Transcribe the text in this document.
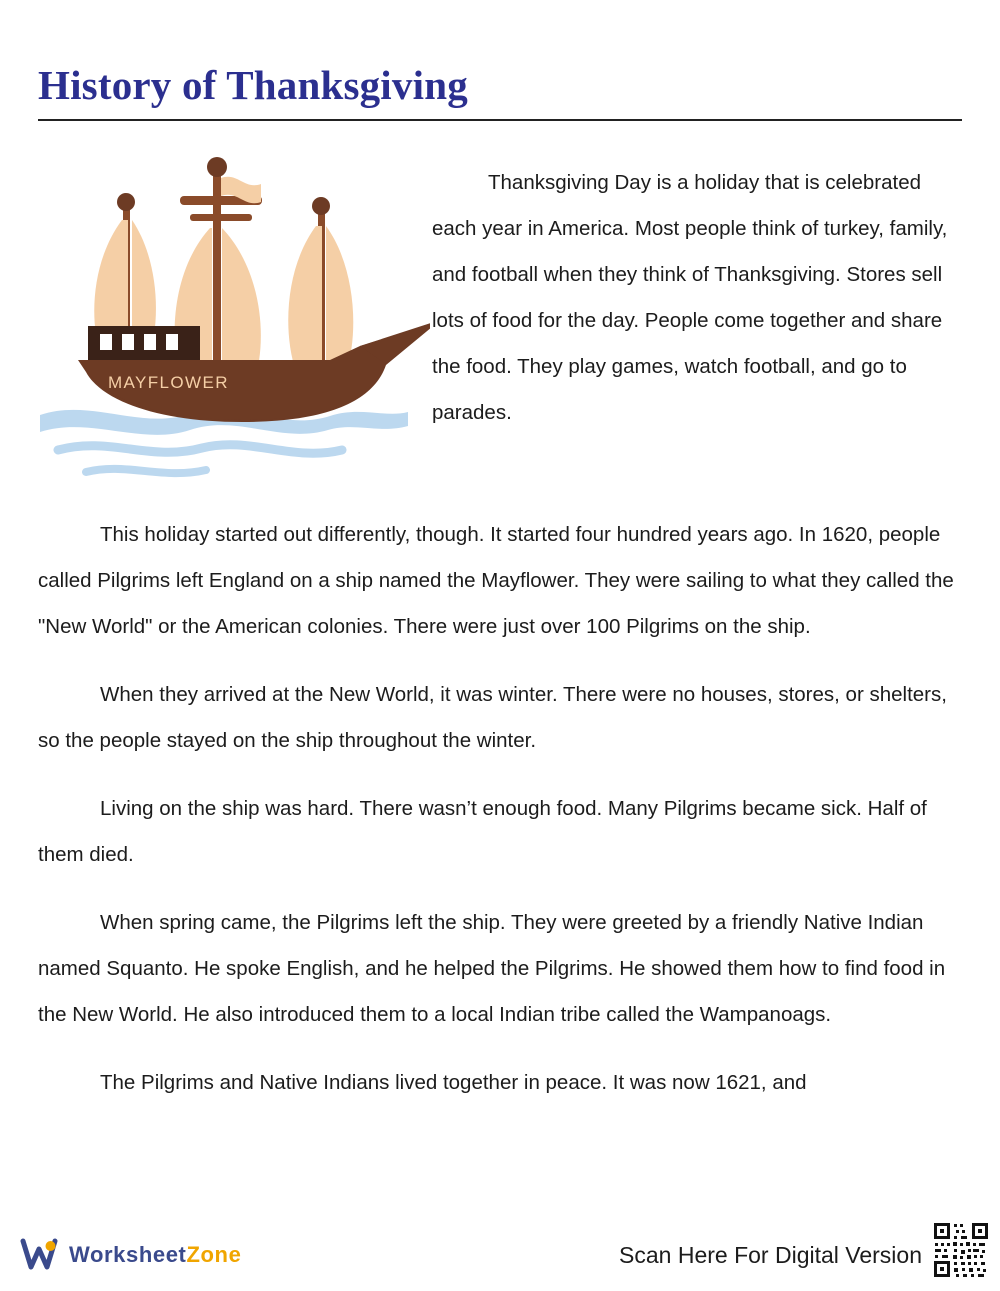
History of Thanksgiving
MAYFLOWER
Thanksgiving Day is a holiday that is celebrated each year in America. Most people think of turkey, family, and football when they think of Thanksgiving. Stores sell lots of food for the day. People come together and share the food. They play games, watch football, and go to parades.

This holiday started out differently, though. It started four hundred years ago. In 1620, people called Pilgrims left England on a ship named the Mayflower. They were sailing to what they called the "New World" or the American colonies. There were just over 100 Pilgrims on the ship.

When they arrived at the New World, it was winter. There were no houses, stores, or shelters, so the people stayed on the ship throughout the winter.

Living on the ship was hard. There wasn’t enough food. Many Pilgrims became sick. Half of them died.

When spring came, the Pilgrims left the ship. They were greeted by a friendly Native Indian named Squanto. He spoke English, and he helped the Pilgrims. He showed them how to find food in the New World. He also introduced them to a local Indian tribe called the Wampanoags.

The Pilgrims and Native Indians lived together in peace. It was now 1621, and

WorksheetZone	Scan Here For Digital Version
